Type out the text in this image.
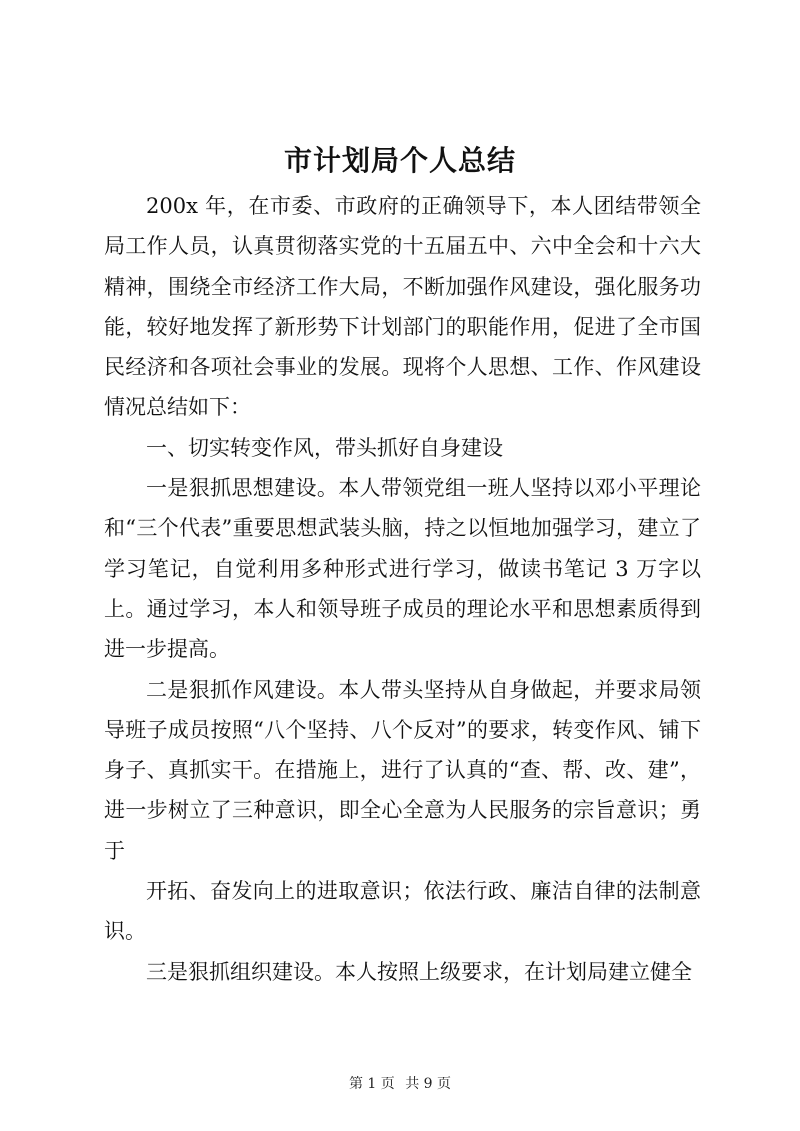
市计划局个人总结

200x 年，在市委、市政府的正确领导下，本人团结带领全局工作人员，认真贯彻落实党的十五届五中、六中全会和十六大精神，围绕全市经济工作大局，不断加强作风建设，强化服务功能，较好地发挥了新形势下计划部门的职能作用，促进了全市国民经济和各项社会事业的发展。现将个人思想、工作、作风建设情况总结如下：

一、切实转变作风，带头抓好自身建设

一是狠抓思想建设。本人带领党组一班人坚持以邓小平理论和“三个代表”重要思想武装头脑，持之以恒地加强学习，建立了学习笔记，自觉利用多种形式进行学习，做读书笔记 3 万字以上。通过学习，本人和领导班子成员的理论水平和思想素质得到进一步提高。

二是狠抓作风建设。本人带头坚持从自身做起，并要求局领导班子成员按照“八个坚持、八个反对”的要求，转变作风、铺下身子、真抓实干。在措施上，进行了认真的“查、帮、改、建”，进一步树立了三种意识，即全心全意为人民服务的宗旨意识；勇于

开拓、奋发向上的进取意识；依法行政、廉洁自律的法制意识。

三是狠抓组织建设。本人按照上级要求，在计划局建立健全

第 1 页 共 9 页
